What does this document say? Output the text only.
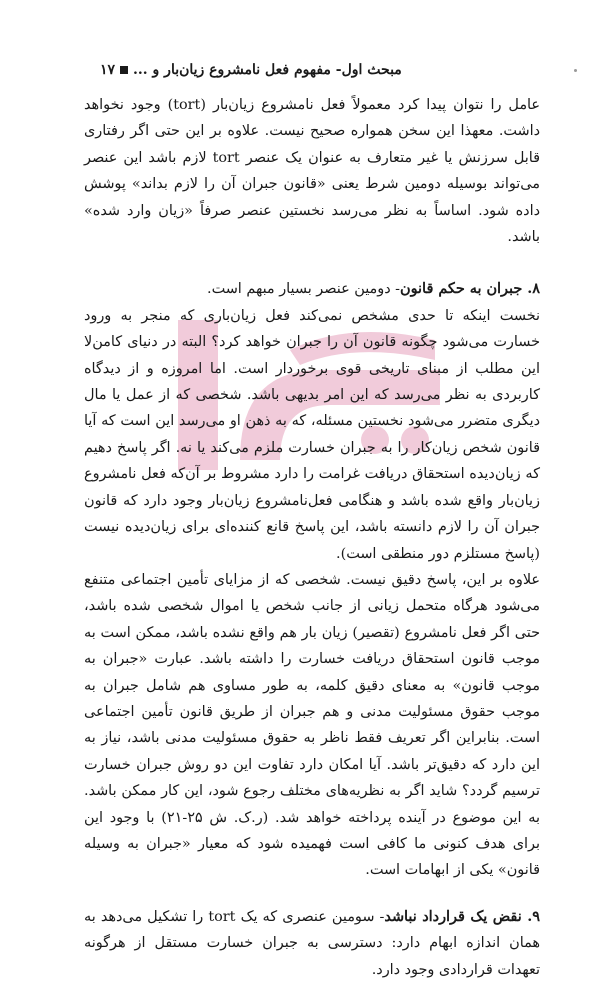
مبحث اول- مفهوم فعل نامشروع زیان‌بار و ...۱۷

عامل را نتوان پیدا کرد معمولاً فعل نامشروع زیان‌بار (tort) وجود نخواهد داشت. معهذا این سخن همواره صحیح نیست. علاوه بر این حتی اگر رفتاری قابل سرزنش یا غیر متعارف به عنوان یک عنصر tort لازم باشد این عنصر می‌تواند بوسیله دومین شرط یعنی «قانون جبران آن را لازم بداند» پوشش داده شود. اساساً به نظر می‌رسد نخستین عنصر صرفاً «زیان وارد شده» باشد.

۸. جبران به حکم قانون- دومین عنصر بسیار مبهم است.

نخست اینکه تا حدی مشخص نمی‌کند فعل زیان‌باری که منجر به ورود خسارت می‌شود چگونه قانون آن را جبران خواهد کرد؟ البته در دنیای کامن‌لا این مطلب از مبنای تاریخی قوی برخوردار است. اما امروزه و از دیدگاه کاربردی به نظر می‌رسد که این امر بدیهی باشد. شخصی که از عمل یا مال دیگری متضرر می‌شود نخستین مسئله، که به ذهن او می‌رسد این است که آیا قانون شخص زیان‌کار را به جبران خسارت ملزم می‌کند یا نه. اگر پاسخ دهیم که زیان‌دیده استحقاق دریافت غرامت را دارد مشروط بر آن‌که فعل نامشروع زیان‌بار واقع شده باشد و هنگامی فعل‌نامشروع زیان‌بار وجود دارد که قانون جبران آن را لازم دانسته باشد، این پاسخ قانع کننده‌ای برای زیان‌دیده نیست (پاسخ مستلزم دور منطقی است).

علاوه بر این، پاسخ دقیق نیست. شخصی که از مزایای تأمین اجتماعی متنفع می‌شود هرگاه متحمل زیانی از جانب شخص یا اموال شخصی شده باشد، حتی اگر فعل نامشروع (تقصیر) زیان بار هم واقع نشده باشد، ممکن است به موجب قانون استحقاق دریافت خسارت را داشته باشد. عبارت «جبران به موجب قانون» به معنای دقیق کلمه، به طور مساوی هم شامل جبران به موجب حقوق مسئولیت مدنی و هم جبران از طریق قانون تأمین اجتماعی است. بنابراین اگر تعریف فقط ناظر به حقوق مسئولیت مدنی باشد، نیاز به این دارد که دقیق‌تر باشد. آیا امکان دارد تفاوت این دو روش جبران خسارت ترسیم گردد؟ شاید اگر به نظریه‌های مختلف رجوع شود، این کار ممکن باشد. به این موضوع در آینده پرداخته خواهد شد. (ر.ک. ش ۲۵-۲۱) با وجود این برای هدف کنونی ما کافی است فهمیده شود که معیار «جبران به وسیله قانون» یکی از ابهامات است.

۹. نقض یک قرارداد نباشد- سومین عنصری که یک tort را تشکیل می‌دهد به همان اندازه ابهام دارد: دسترسی به جبران خسارت مستقل از هرگونه تعهدات قراردادی وجود دارد.
